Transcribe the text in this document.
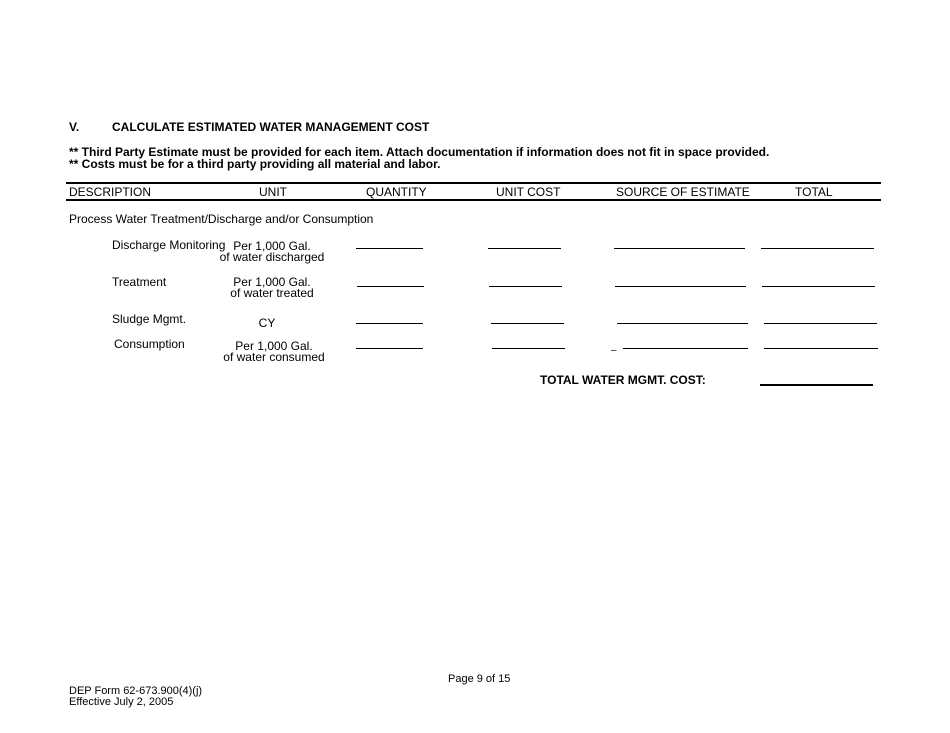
V.	CALCULATE ESTIMATED WATER MANAGEMENT COST
** Third Party Estimate must be provided for each item. Attach documentation if information does not fit in space provided.
** Costs must be for a third party providing all material and labor.
DESCRIPTION	UNIT	QUANTITY	UNIT COST	SOURCE OF ESTIMATE	TOTAL
Process Water Treatment/Discharge and/or Consumption
Discharge Monitoring Per 1,000 Gal.
of water discharged
Treatment	Per 1,000 Gal.
of water treated
Sludge Mgmt.	CY
Consumption	Per 1,000 Gal.
of water consumed	–
TOTAL WATER MGMT. COST:
Page 9 of 15
DEP Form 62-673.900(4)(j)
Effective July 2, 2005
